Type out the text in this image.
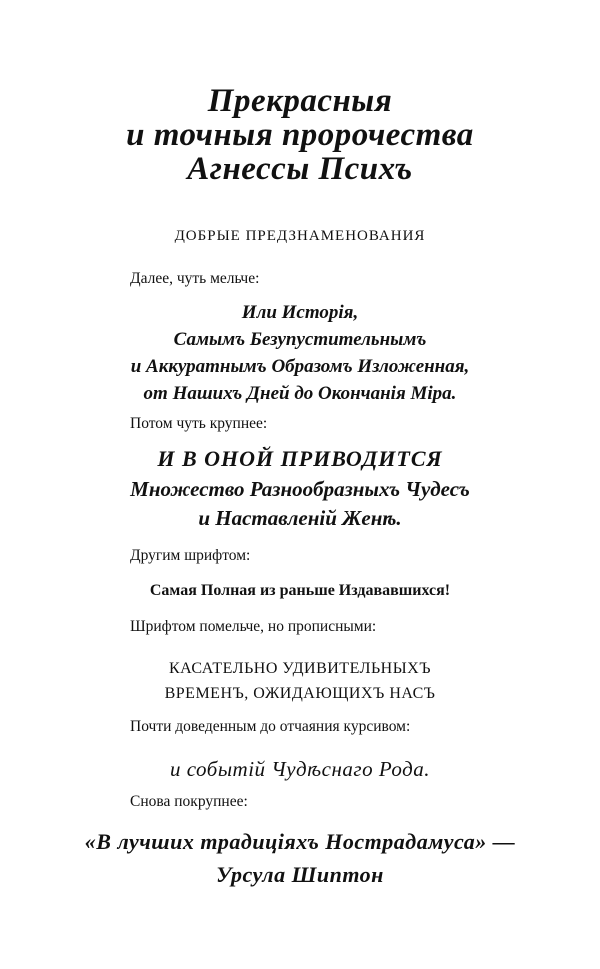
Прекрасныя
и точныя пророчества
Агнессы Психъ
ДОБРЫЕ ПРЕДЗНАМЕНОВАНИЯ
Далее, чуть мельче:
Или Исторія,
Самымъ Безупустительнымъ
и Аккуратнымъ Образомъ Изложенная,
от Нашихъ Дней до Окончанія Міра.
Потом чуть крупнее:
И В ОНОЙ ПРИВОДИТСЯ
Множество Разнообразныхъ Чудесъ
и Наставленій Женѣ.
Другим шрифтом:
Самая Полная из раньше Издававшихся!
Шрифтом помельче, но прописными:
КАСАТЕЛЬНО УДИВИТЕЛЬНЫХЪ
ВРЕМЕНЪ, ОЖИДАЮЩИХЪ НАСЪ
Почти доведенным до отчаяния курсивом:
и событій Чудѣснаго Рода.
Снова покрупнее:
«В лучших традиціяхъ Нострадамуса» —
Урсула Шиптон
